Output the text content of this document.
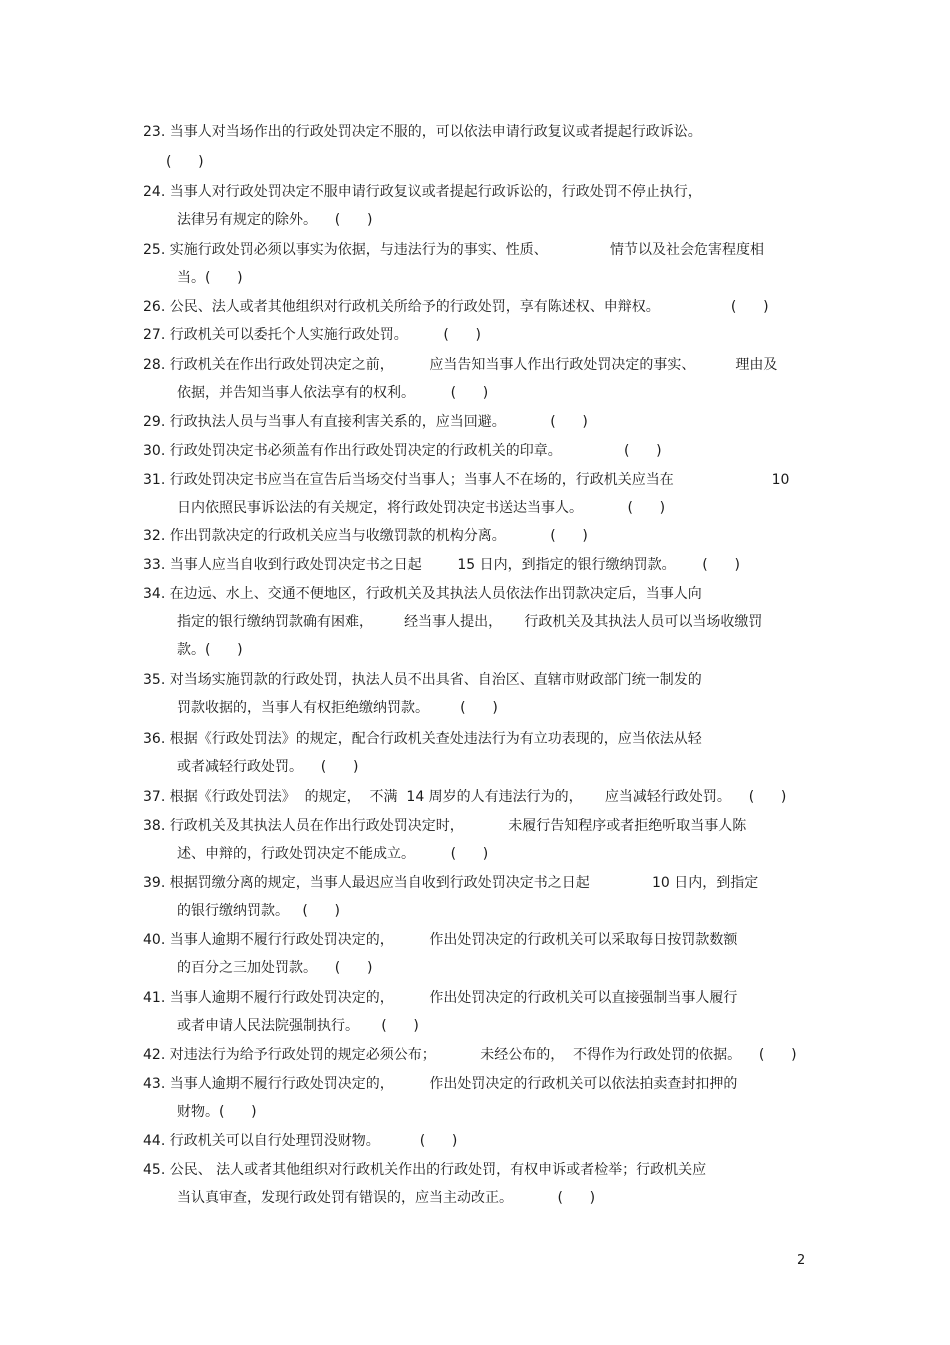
23. 当事人对当场作出的行政处罚决定不服的，可以依法申请行政复议或者提起行政诉讼。
(      )
24. 当事人对行政处罚决定不服申请行政复议或者提起行政诉讼的，行政处罚不停止执行，
法律另有规定的除外。    (      )
25. 实施行政处罚必须以事实为依据，与违法行为的事实、性质、              情节以及社会危害程度相
当。(      )
26. 公民、法人或者其他组织对行政机关所给予的行政处罚，享有陈述权、申辩权。                (      )
27. 行政机关可以委托个人实施行政处罚。        (      )
28. 行政机关在作出行政处罚决定之前，        应当告知当事人作出行政处罚决定的事实、         理由及
依据，并告知当事人依法享有的权利。        (      )
29. 行政执法人员与当事人有直接利害关系的，应当回避。          (      )
30. 行政处罚决定书必须盖有作出行政处罚决定的行政机关的印章。              (      )
31. 行政处罚决定书应当在宣告后当场交付当事人；当事人不在场的，行政机关应当在                      10
日内依照民事诉讼法的有关规定，将行政处罚决定书送达当事人。          (      )
32. 作出罚款决定的行政机关应当与收缴罚款的机构分离。          (      )
33. 当事人应当自收到行政处罚决定书之日起        15 日内，到指定的银行缴纳罚款。      (      )
34. 在边远、水上、交通不便地区，行政机关及其执法人员依法作出罚款决定后，当事人向
指定的银行缴纳罚款确有困难，       经当事人提出，     行政机关及其执法人员可以当场收缴罚
款。(      )
35. 对当场实施罚款的行政处罚，执法人员不出具省、自治区、直辖市财政部门统一制发的
罚款收据的，当事人有权拒绝缴纳罚款。       (      )
36. 根据《行政处罚法》的规定，配合行政机关查处违法行为有立功表现的，应当依法从轻
或者减轻行政处罚。    (      )
37. 根据《行政处罚法》  的规定，  不满  14 周岁的人有违法行为的，     应当减轻行政处罚。    (      )
38. 行政机关及其执法人员在作出行政处罚决定时，          未履行告知程序或者拒绝听取当事人陈
述、申辩的，行政处罚决定不能成立。        (      )
39. 根据罚缴分离的规定，当事人最迟应当自收到行政处罚决定书之日起              10 日内，到指定
的银行缴纳罚款。   (      )
40. 当事人逾期不履行行政处罚决定的，        作出处罚决定的行政机关可以采取每日按罚款数额
的百分之三加处罚款。    (      )
41. 当事人逾期不履行行政处罚决定的，        作出处罚决定的行政机关可以直接强制当事人履行
或者申请人民法院强制执行。     (      )
42. 对违法行为给予行政处罚的规定必须公布；          未经公布的，  不得作为行政处罚的依据。    (      )
43. 当事人逾期不履行行政处罚决定的，        作出处罚决定的行政机关可以依法拍卖查封扣押的
财物。(      )
44. 行政机关可以自行处理罚没财物。         (      )
45. 公民、 法人或者其他组织对行政机关作出的行政处罚，有权申诉或者检举；行政机关应
当认真审查，发现行政处罚有错误的，应当主动改正。          (      )
2
